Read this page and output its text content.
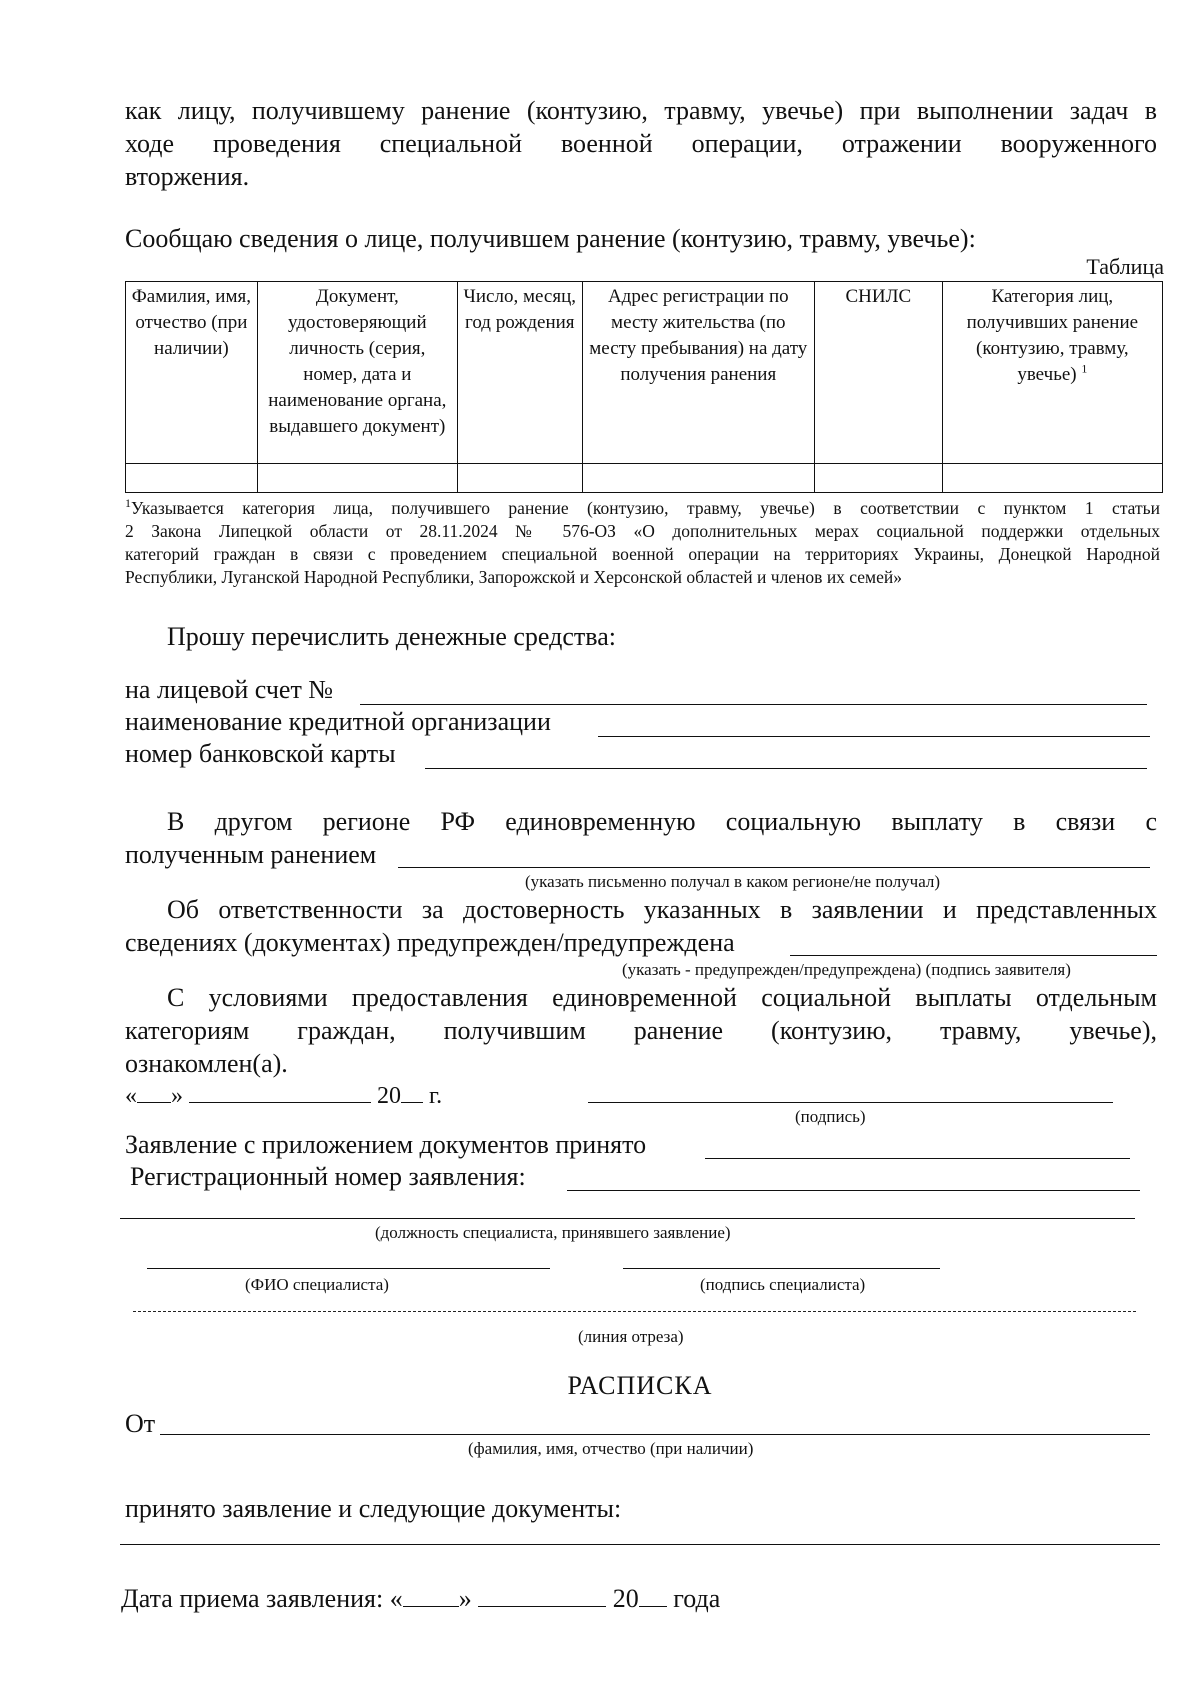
как лицу, получившему ранение (контузию, травму, увечье) при выполнении задач в
ходе проведения специальной военной операции, отражении вооруженного
вторжения.
Сообщаю сведения о лице, получившем ранение (контузию, травму, увечье):
Таблица
Фамилия, имя, отчество (при наличии)	Документ, удостоверяющий личность (серия, номер, дата и наименование органа, выдавшего документ)	Число, месяц, год рождения	Адрес регистрации по месту жительства (по месту пребывания) на дату получения ранения	СНИЛС	Категория лиц, получивших ранение (контузию, травму, увечье) $^1$

$^1$Указывается категория лица, получившего ранение (контузию, травму, увечье) в соответствии с пунктом 1 статьи
2 Закона Липецкой области от 28.11.2024 № 576-ОЗ «О дополнительных мерах социальной поддержки отдельных
категорий граждан в связи с проведением специальной военной операции на территориях Украины, Донецкой Народной
Республики, Луганской Народной Республики, Запорожской и Херсонской областей и членов их семей»
Прошу перечислить денежные средства:
на лицевой счет №
наименование кредитной организации
номер банковской карты
В другом регионе РФ единовременную социальную выплату в связи с
полученным ранением
(указать письменно получал в каком регионе/не получал)
Об ответственности за достоверность указанных в заявлении и представленных
сведениях (документах) предупрежден/предупреждена
(указать - предупрежден/предупреждена) (подпись заявителя)
С условиями предоставления единовременной социальной выплаты отдельным
категориям граждан, получившим ранение (контузию, травму, увечье),
ознакомлен(а).
« »	20 г.
(подпись)
Заявление с приложением документов принято
Регистрационный номер заявления:
(должность специалиста, принявшего заявление)
(ФИО специалиста)	(подпись специалиста)
(линия отреза)
РАСПИСКА
От
(фамилия, имя, отчество (при наличии)
принято заявление и следующие документы:
Дата приема заявления: « »	20 года
